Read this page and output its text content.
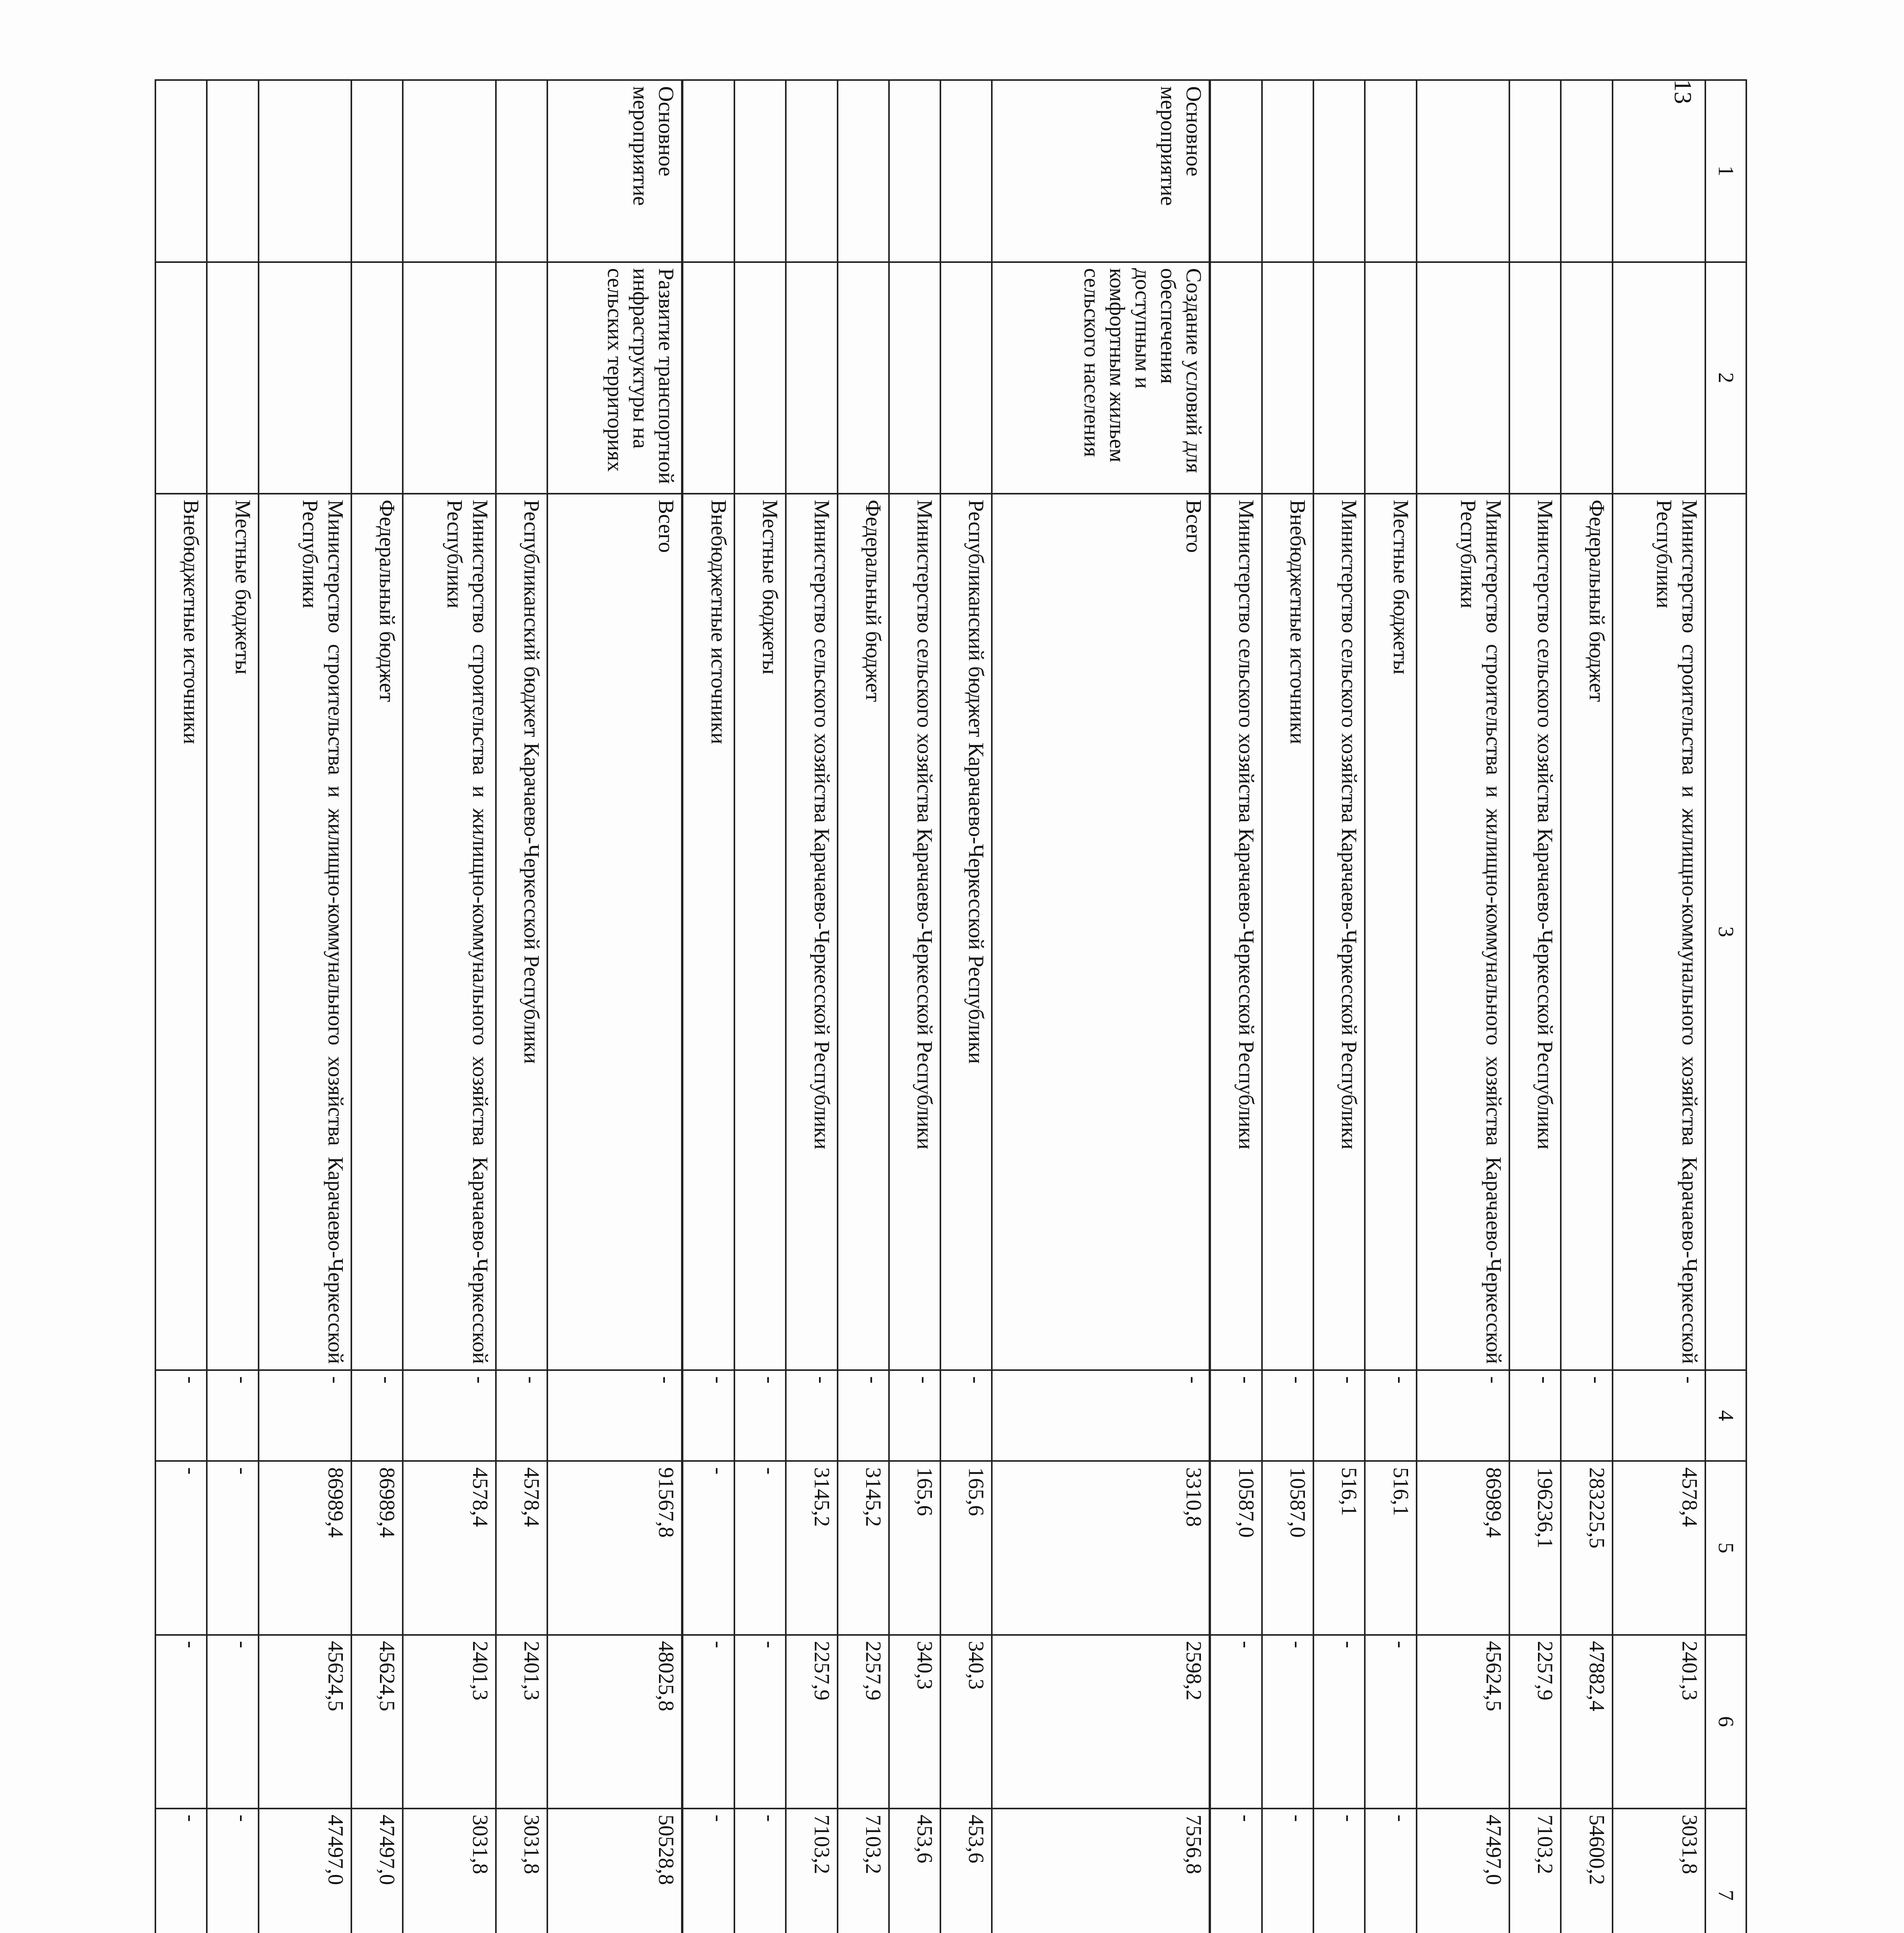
13
1	2	3	4	5	6	7			
		Министерство строительства и жилищно-коммунального хозяйства Карачаево-Черкесской Республики	-	4578,4	2401,3	3031,8			
		Федеральный бюджет	-	283225,5	47882,4	54600,2			
		Министерство сельского хозяйства Карачаево-Черкесской Республики	-	196236,1	2257,9	7103,2			
		Министерство строительства и жилищно-коммунального хозяйства Карачаево-Черкесской Республики	-	86989,4	45624,5	47497,0			
		Местные бюджеты	-	516,1	-	-			
		Министерство сельского хозяйства Карачаево-Черкесской Республики	-	516,1	-	-			
		Внебюджетные источники	-	10587,0	-	-			
		Министерство сельского хозяйства Карачаево-Черкесской Республики	-	10587,0	-	-			
Основное мероприятие	Создание условий для обеспечения доступным и комфортным жильем сельского населения	Всего	-	3310,8	2598,2	7556,8			
		Республиканский бюджет Карачаево-Черкесской Республики	-	165,6	340,3	453,6			
		Министерство сельского хозяйства Карачаево-Черкесской Республики	-	165,6	340,3	453,6			
		Федеральный бюджет	-	3145,2	2257,9	7103,2			
		Министерство сельского хозяйства Карачаево-Черкесской Республики	-	3145,2	2257,9	7103,2			
		Местные бюджеты	-	-	-	-			
		Внебюджетные источники	-	-	-	-			
Основное мероприятие	Развитие транспортной инфраструктуры на сельских территориях	Всего	-	91567,8	48025,8	50528,8			
		Республиканский бюджет Карачаево-Черкесской Республики	-	4578,4	2401,3	3031,8			
		Министерство строительства и жилищно-коммунального хозяйства Карачаево-Черкесской Республики	-	4578,4	2401,3	3031,8			
		Федеральный бюджет	-	86989,4	45624,5	47497,0			
		Министерство строительства и жилищно-коммунального хозяйства Карачаево-Черкесской Республики	-	86989,4	45624,5	47497,0			
		Местные бюджеты	-	-	-	-			
		Внебюджетные источники	-	-	-	-			
